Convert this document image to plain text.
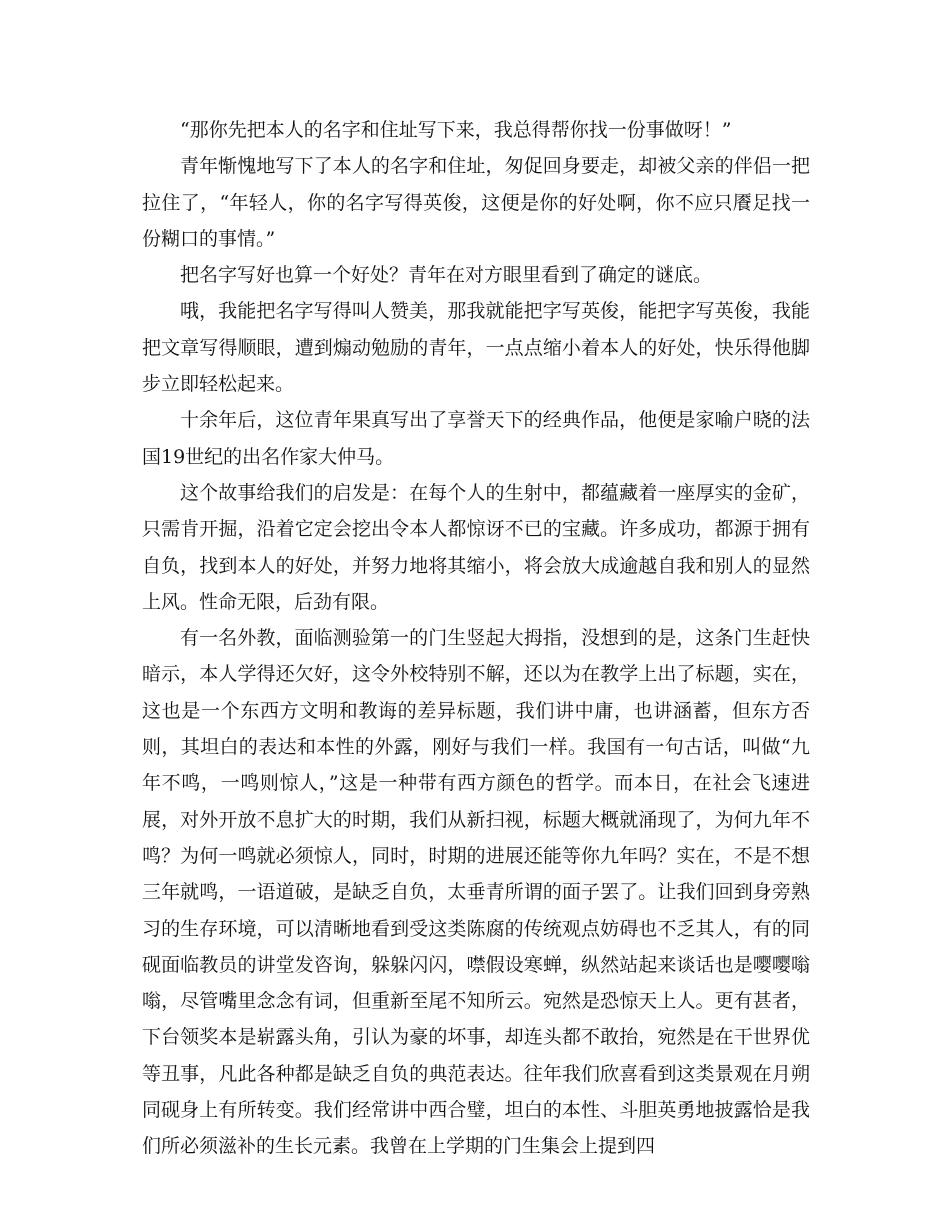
“那你先把本人的名字和住址写下来，我总得帮你找一份事做呀！”

青年惭愧地写下了本人的名字和住址，匆促回身要走，却被父亲的伴侣一把拉住了，“年轻人，你的名字写得英俊，这便是你的好处啊，你不应只餍足找一份糊口的事情。”

把名字写好也算一个好处？青年在对方眼里看到了确定的谜底。

哦，我能把名字写得叫人赞美，那我就能把字写英俊，能把字写英俊，我能把文章写得顺眼，遭到煽动勉励的青年，一点点缩小着本人的好处，快乐得他脚步立即轻松起来。

十余年后，这位青年果真写出了享誉天下的经典作品，他便是家喻户晓的法国19世纪的出名作家大仲马。

这个故事给我们的启发是：在每个人的生射中，都蕴藏着一座厚实的金矿，只需肯开掘，沿着它定会挖出令本人都惊讶不已的宝藏。许多成功，都源于拥有自负，找到本人的好处，并努力地将其缩小，将会放大成逾越自我和别人的显然上风。性命无限，后劲有限。

有一名外教，面临测验第一的门生竖起大拇指，没想到的是，这条门生赶快暗示，本人学得还欠好，这令外校特别不解，还以为在教学上出了标题，实在，这也是一个东西方文明和教诲的差异标题，我们讲中庸，也讲涵蓄，但东方否则，其坦白的表达和本性的外露，刚好与我们一样。我国有一句古话，叫做“九年不鸣，一鸣则惊人，”这是一种带有西方颜色的哲学。而本日，在社会飞速进展，对外开放不息扩大的时期，我们从新扫视，标题大概就涌现了，为何九年不鸣？为何一鸣就必须惊人，同时，时期的进展还能等你九年吗？实在，不是不想三年就鸣，一语道破，是缺乏自负，太垂青所谓的面子罢了。让我们回到身旁熟习的生存环境，可以清晰地看到受这类陈腐的传统观点妨碍也不乏其人，有的同砚面临教员的讲堂发咨询，躲躲闪闪，噤假设寒蝉，纵然站起来谈话也是嘤嘤嗡嗡，尽管嘴里念念有词，但重新至尾不知所云。宛然是恐惊天上人。更有甚者，下台领奖本是崭露头角，引认为豪的坏事，却连头都不敢抬，宛然是在干世界优等丑事，凡此各种都是缺乏自负的典范表达。往年我们欣喜看到这类景观在月朔同砚身上有所转变。我们经常讲中西合璧，坦白的本性、斗胆英勇地披露恰是我们所必须滋补的生长元素。我曾在上学期的门生集会上提到四
